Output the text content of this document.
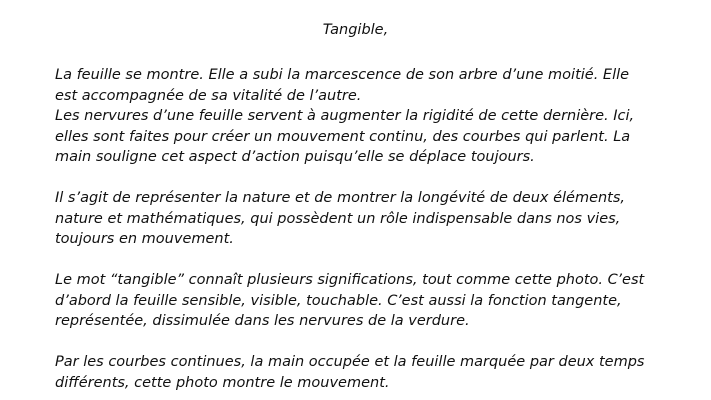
Tangible,
La feuille se montre. Elle a subi la marcescence de son arbre d’une moitié. Elle
est accompagnée de sa vitalité de l’autre.
Les nervures d’une feuille servent à augmenter la rigidité de cette dernière. Ici,
elles sont faites pour créer un mouvement continu, des courbes qui parlent. La
main souligne cet aspect d’action puisqu’elle se déplace toujours.
Il s’agit de représenter la nature et de montrer la longévité de deux éléments,
nature et mathématiques, qui possèdent un rôle indispensable dans nos vies,
toujours en mouvement.
Le mot “tangible” connaît plusieurs significations, tout comme cette photo. C’est
d’abord la feuille sensible, visible, touchable. C’est aussi la fonction tangente,
représentée, dissimulée dans les nervures de la verdure.
Par les courbes continues, la main occupée et la feuille marquée par deux temps
différents, cette photo montre le mouvement.
